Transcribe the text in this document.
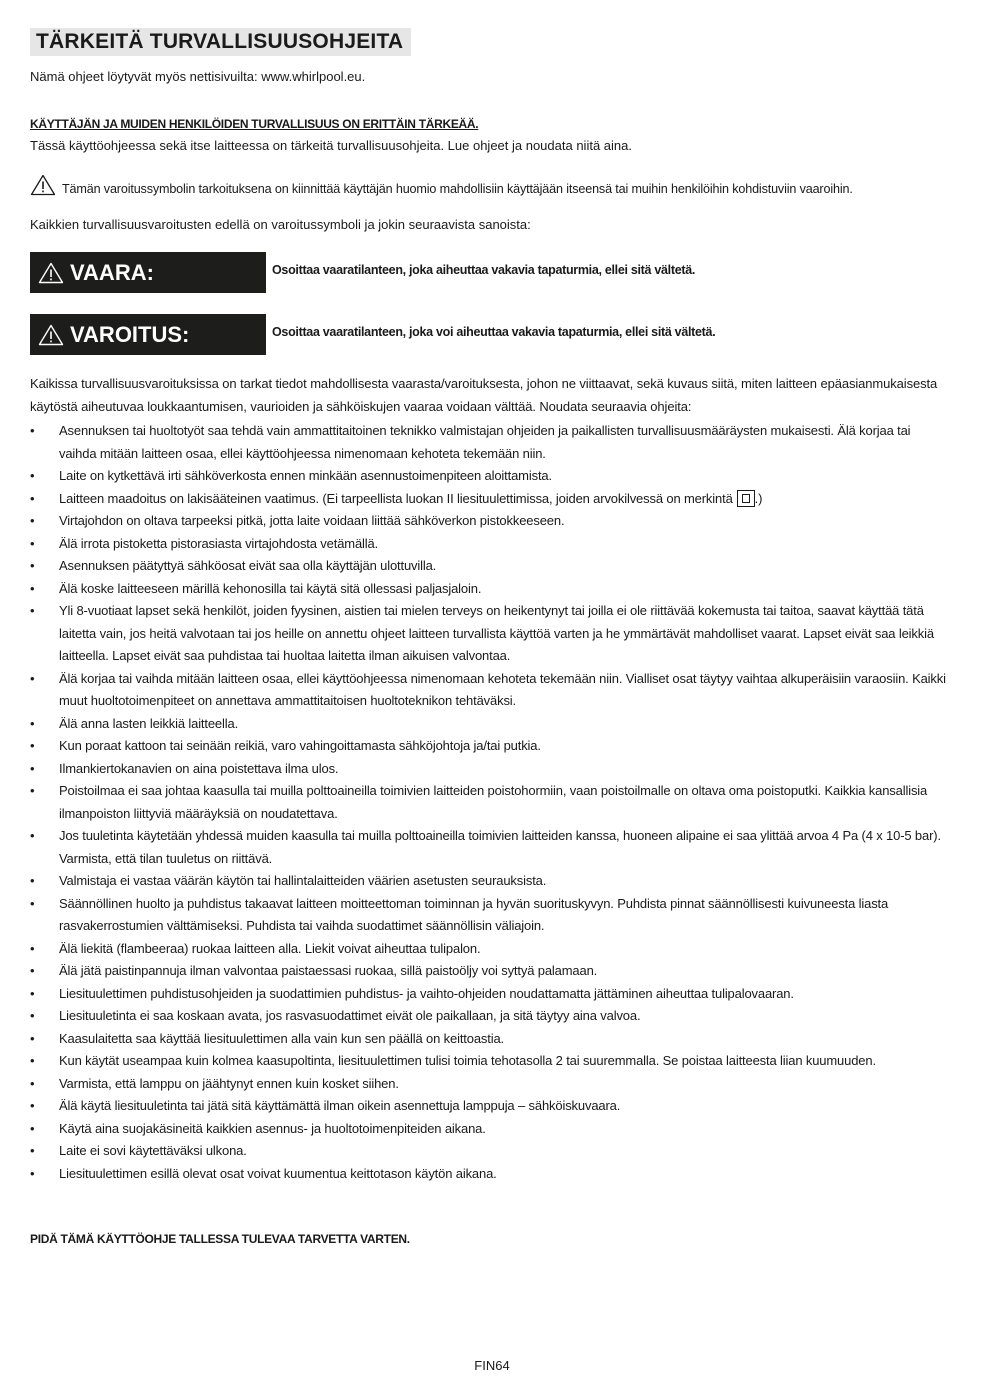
TÄRKEITÄ TURVALLISUUSOHJEITA
Nämä ohjeet löytyvät myös nettisivuilta: www.whirlpool.eu.
KÄYTTÄJÄN JA MUIDEN HENKILÖIDEN TURVALLISUUS ON ERITTÄIN TÄRKEÄÄ.
Tässä käyttöohjeessa sekä itse laitteessa on tärkeitä turvallisuusohjeita. Lue ohjeet ja noudata niitä aina.
Tämän varoitussymbolin tarkoituksena on kiinnittää käyttäjän huomio mahdollisiin käyttäjään itseensä tai muihin henkilöihin kohdistuviin vaaroihin.
Kaikkien turvallisuusvaroitusten edellä on varoitussymboli ja jokin seuraavista sanoista:
VAARA:	Osoittaa vaaratilanteen, joka aiheuttaa vakavia tapaturmia, ellei sitä vältetä.
VAROITUS:	Osoittaa vaaratilanteen, joka voi aiheuttaa vakavia tapaturmia, ellei sitä vältetä.
Kaikissa turvallisuusvaroituksissa on tarkat tiedot mahdollisesta vaarasta/varoituksesta, johon ne viittaavat, sekä kuvaus siitä, miten laitteen epäasianmukaisesta käytöstä aiheutuvaa loukkaantumisen, vaurioiden ja sähköiskujen vaaraa voidaan välttää. Noudata seuraavia ohjeita:
• Asennuksen tai huoltotyöt saa tehdä vain ammattitaitoinen teknikko valmistajan ohjeiden ja paikallisten turvallisuusmääräysten mukaisesti. Älä korjaa tai vaihda mitään laitteen osaa, ellei käyttöohjeessa nimenomaan kehoteta tekemään niin.
• Laite on kytkettävä irti sähköverkosta ennen minkään asennustoimenpiteen aloittamista.
• Laitteen maadoitus on lakisääteinen vaatimus. (Ei tarpeellista luokan II liesituulettimissa, joiden arvokilvessä on merkintä .)
• Virtajohdon on oltava tarpeeksi pitkä, jotta laite voidaan liittää sähköverkon pistokkeeseen.
• Älä irrota pistoketta pistorasiasta virtajohdosta vetämällä.
• Asennuksen päätyttyä sähköosat eivät saa olla käyttäjän ulottuvilla.
• Älä koske laitteeseen märillä kehonosilla tai käytä sitä ollessasi paljasjaloin.
• Yli 8-vuotiaat lapset sekä henkilöt, joiden fyysinen, aistien tai mielen terveys on heikentynyt tai joilla ei ole riittävää kokemusta tai taitoa, saavat käyttää tätä laitetta vain, jos heitä valvotaan tai jos heille on annettu ohjeet laitteen turvallista käyttöä varten ja he ymmärtävät mahdolliset vaarat. Lapset eivät saa leikkiä laitteella. Lapset eivät saa puhdistaa tai huoltaa laitetta ilman aikuisen valvontaa.
• Älä korjaa tai vaihda mitään laitteen osaa, ellei käyttöohjeessa nimenomaan kehoteta tekemään niin. Vialliset osat täytyy vaihtaa alkuperäisiin varaosiin. Kaikki muut huoltotoimenpiteet on annettava ammattitaitoisen huoltoteknikon tehtäväksi.
• Älä anna lasten leikkiä laitteella.
• Kun poraat kattoon tai seinään reikiä, varo vahingoittamasta sähköjohtoja ja/tai putkia.
• Ilmankiertokanavien on aina poistettava ilma ulos.
• Poistoilmaa ei saa johtaa kaasulla tai muilla polttoaineilla toimivien laitteiden poistohormiin, vaan poistoilmalle on oltava oma poistoputki. Kaikkia kansallisia ilmanpoiston liittyviä määräyksiä on noudatettava.
• Jos tuuletinta käytetään yhdessä muiden kaasulla tai muilla polttoaineilla toimivien laitteiden kanssa, huoneen alipaine ei saa ylittää arvoa 4 Pa (4 x 10-5 bar). Varmista, että tilan tuuletus on riittävä.
• Valmistaja ei vastaa väärän käytön tai hallintalaitteiden väärien asetusten seurauksista.
• Säännöllinen huolto ja puhdistus takaavat laitteen moitteettoman toiminnan ja hyvän suorituskyvyn. Puhdista pinnat säännöllisesti kuivuneesta liasta rasvakerrostumien välttämiseksi. Puhdista tai vaihda suodattimet säännöllisin väliajoin.
• Älä liekitä (flambeeraa) ruokaa laitteen alla. Liekit voivat aiheuttaa tulipalon.
• Älä jätä paistinpannuja ilman valvontaa paistaessasi ruokaa, sillä paistoöljy voi syttyä palamaan.
• Liesituulettimen puhdistusohjeiden ja suodattimien puhdistus- ja vaihto-ohjeiden noudattamatta jättäminen aiheuttaa tulipalovaaran.
• Liesituuletinta ei saa koskaan avata, jos rasvasuodattimet eivät ole paikallaan, ja sitä täytyy aina valvoa.
• Kaasulaitetta saa käyttää liesituulettimen alla vain kun sen päällä on keittoastia.
• Kun käytät useampaa kuin kolmea kaasupoltinta, liesituulettimen tulisi toimia tehotasolla 2 tai suuremmalla. Se poistaa laitteesta liian kuumuuden.
• Varmista, että lamppu on jäähtynyt ennen kuin kosket siihen.
• Älä käytä liesituuletinta tai jätä sitä käyttämättä ilman oikein asennettuja lamppuja – sähköiskuvaara.
• Käytä aina suojakäsineitä kaikkien asennus- ja huoltotoimenpiteiden aikana.
• Laite ei sovi käytettäväksi ulkona.
• Liesituulettimen esillä olevat osat voivat kuumentua keittotason käytön aikana.
PIDÄ TÄMÄ KÄYTTÖOHJE TALLESSA TULEVAA TARVETTA VARTEN.
FIN64
